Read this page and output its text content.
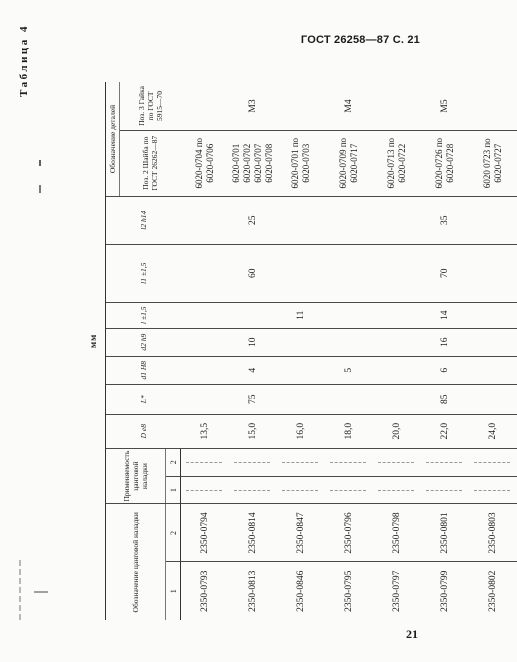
ГОСТ 26258—87 С. 21
Таблица 4
мм
Обозначение цанговой наладки		Применяемость цанговой наладки		D e8	L*	d1 H8	d2 h9	l ±1,5	l1 ±1,5	l2 h14	Обозначение деталей	
											Поз. 2 Шайба по ГОСТ 26262—87	Поз. 3 Гайка по ГОСТ 5915—70
1	2	1	2									
2350-0793	2350-0794			13,5							6020-0704 по 6020-0706	
2350-0813	2350-0814			15,0	75	4	10		60	25	6020-0701 6020-0702 6020-0707 6020-0708	М3
2350-0846	2350-0847			16,0				11			6020-0701 по 6020-0703	
2350-0795	2350-0796			18,0		5					6020-0709 по 6020-0717	М4
2350-0797	2350-0798			20,0							6020-0713 по 6020-0722	
2350-0799	2350-0801			22,0	85	6	16	14	70	35	6020-0726 по 6020-0728	М5
2350-0802	2350-0803			24,0							6020 0723 по 6020-0727	
21
